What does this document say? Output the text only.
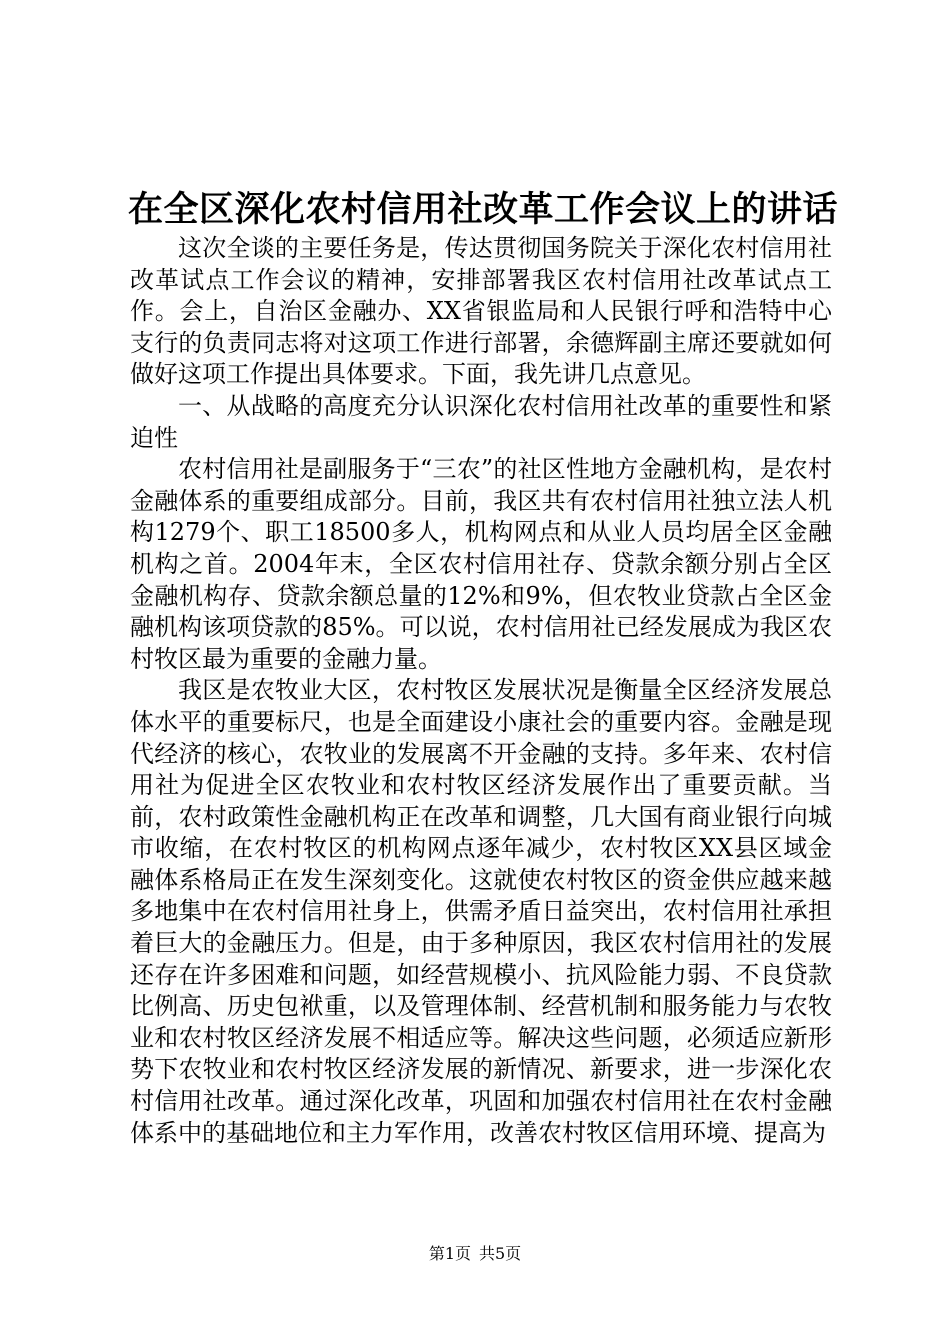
在全区深化农村信用社改革工作会议上的讲话

这次全谈的主要任务是，传达贯彻国务院关于深化农村信用社改革试点工作会议的精神，安排部署我区农村信用社改革试点工作。会上，自治区金融办、XX省银监局和人民银行呼和浩特中心支行的负责同志将对这项工作进行部署，余德辉副主席还要就如何做好这项工作提出具体要求。下面，我先讲几点意见。

一、从战略的高度充分认识深化农村信用社改革的重要性和紧迫性

农村信用社是副服务于“三农”的社区性地方金融机构，是农村金融体系的重要组成部分。目前，我区共有农村信用社独立法人机构1279个、职工18500多人，机构网点和从业人员均居全区金融机构之首。2004年末，全区农村信用社存、贷款余额分别占全区金融机构存、贷款余额总量的12%和9%，但农牧业贷款占全区金融机构该项贷款的85%。可以说，农村信用社已经发展成为我区农村牧区最为重要的金融力量。

我区是农牧业大区，农村牧区发展状况是衡量全区经济发展总体水平的重要标尺，也是全面建设小康社会的重要内容。金融是现代经济的核心，农牧业的发展离不开金融的支持。多年来、农村信用社为促进全区农牧业和农村牧区经济发展作出了重要贡献。当前，农村政策性金融机构正在改革和调整，几大国有商业银行向城市收缩，在农村牧区的机构网点逐年减少，农村牧区XX县区域金融体系格局正在发生深刻变化。这就使农村牧区的资金供应越来越多地集中在农村信用社身上，供需矛盾日益突出，农村信用社承担着巨大的金融压力。但是，由于多种原因，我区农村信用社的发展还存在许多困难和问题，如经营规模小、抗风险能力弱、不良贷款比例高、历史包袱重，以及管理体制、经营机制和服务能力与农牧业和农村牧区经济发展不相适应等。解决这些问题，必须适应新形势下农牧业和农村牧区经济发展的新情况、新要求，进一步深化农村信用社改革。通过深化改革，巩固和加强农村信用社在农村金融体系中的基础地位和主力军作用，改善农村牧区信用环境、提高为

第1页 共5页
